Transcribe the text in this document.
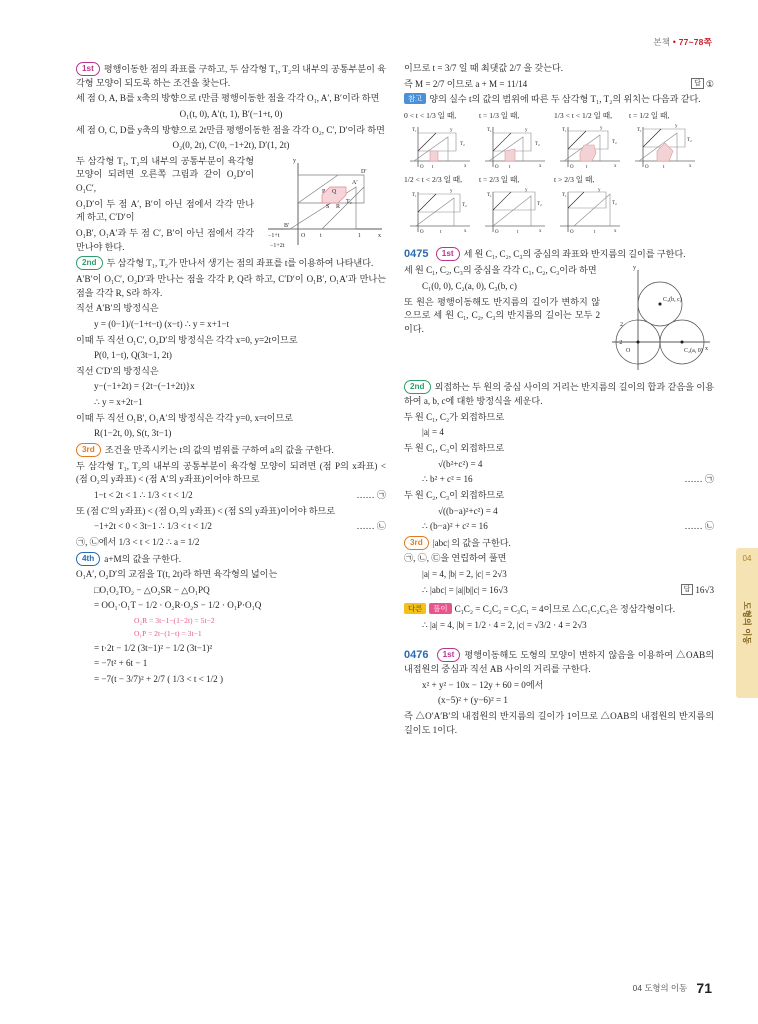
본책 • 77~78쪽

1st 평행이동한 점의 좌표를 구하고, 두 삼각형 T₁, T₂의 내부의 공통부분이 육각형 모양이 되도록 하는 조건을 찾는다.

세 점 O, A, B를 x축의 방향으로 t만큼 평행이동한 점을 각각 O₁, A′, B′이라 하면

O₁(t, 0), A′(t, 1), B′(−1+t, 0)

세 점 O, C, D를 y축의 방향으로 2t만큼 평행이동한 점을 각각 O₂, C′, D′이라 하면

O₂(0, 2t), C′(0, −1+2t), D′(1, 2t)

y
x
A′
D′
Q
P
T₂
S R
B′
−1+t	O t	1
−1+2t

두 삼각형 T₁, T₂의 내부의 공통부분이 육각형 모양이 되려면 오른쪽 그림과 같이 O₂D′이 O₁C′,

O₁D′이 두 점 A′, B′이 아닌 점에서 각각 만나게 하고, C′D′이

O₁B′, O₁A′과 두 점 C′, B′이 아닌 점에서 각각 만나야 한다.

2nd 두 삼각형 T₁, T₂가 만나서 생기는 점의 좌표를 t를 이용하여 나타낸다.

A′B′이 O₁C′, O₂D′과 만나는 점을 각각 P, Q라 하고, C′D′이 O₁B′, O₁A′과 만나는 점을 각각 R, S라 하자.

직선 A′B′의 방정식은

y = (0−1)/(−1+t−t) (x−t) ∴ y = x+1−t

이때 두 직선 O₁C′, O₂D′의 방정식은 각각 x=0, y=2t이므로

P(0, 1−t), Q(3t−1, 2t)

직선 C′D′의 방정식은

y−(−1+2t) = {2t−(−1+2t)}x

∴ y = x+2t−1

이때 두 직선 O₁B′, O₁A′의 방정식은 각각 y=0, x=t이므로

R(1−2t, 0), S(t, 3t−1)

3rd 조건을 만족시키는 t의 값의 범위를 구하여 a의 값을 구한다.

두 삼각형 T₁, T₂의 내부의 공통부분이 육각형 모양이 되려면 (점 P의 x좌표) < (점 O₂의 y좌표) < (점 A′의 y좌표)이어야 하므로

1−t < 2t < 1 ∴ 1/3 < t < 1/2	…… ㉠

또 (점 C′의 y좌표) < (점 O₁의 y좌표) < (점 S의 y좌표)이어야 하므로

−1+2t < 0 < 3t−1 ∴ 1/3 < t < 1/2	…… ㉡

㉠, ㉡에서 1/3 < t < 1/2 ∴ a = 1/2

4th a+M의 값을 구한다.

O₁A′, O₂D′의 교점을 T(t, 2t)라 하면 육각형의 넓이는

□O₁O₂TO₂ − △O₂SR − △O₁PQ

= OO₁·O₁T − 1/2 · O₂R·O₂S − 1/2 · O₁P·O₁Q

O₂R = 3t−1−(1−2t) = 5t−2

O₁P = 2t−(1−t) = 3t−1

= t·2t − 1/2 (3t−1)² − 1/2 (3t−1)²

= −7t² + 6t − 1

= −7(t − 3/7)² + 2/7 ( 1/3 < t < 1/2 )

이므로 t = 3/7 일 때 최댓값 2/7 을 갖는다.

즉 M = 2/7 이므로 a + M = 11/14	답 ①

참고 양의 실수 t의 값의 범위에 따른 두 삼각형 T₁, T₂의 위치는 다음과 같다.

0 < t < 1/3 일 때,
T₁	y
x
T₂
O t
t = 1/3 일 때,
T₁	y
x
T₂
O t
1/3 < t < 1/2 일 때,
T₁	y
x
T₂
O t
t = 1/2 일 때,
T₁
y
x
T₂
O	t
1/2 < t < 2/3 일 때,
T₁
y
x
T₂
O	t
t = 2/3 일 때,
T₁
y
x
T₂
O	t
t > 2/3 일 때,
T₁
y
x
T₂
O	t

0475 1st 세 원 C₁, C₂, C₃의 중심의 좌표와 반지름의 길이를 구한다.

y
x
C₃(b, c)
C₂(a, 0)
O
2
−2

세 원 C₁, C₂, C₃의 중심을 각각 C₁, C₂, C₃이라 하면

C₁(0, 0), C₂(a, 0), C₃(b, c)

또 원은 평행이동해도 반지름의 길이가 변하지 않으므로 세 원 C₁, C₂, C₃의 반지름의 길이는 모두 2이다.

2nd 외접하는 두 원의 중심 사이의 거리는 반지름의 길이의 합과 같음을 이용하여 a, b, c에 대한 방정식을 세운다.

두 원 C₁, C₂가 외접하므로

|a| = 4

두 원 C₁, C₃이 외접하므로

√(b²+c²) = 4

∴ b² + c² = 16	…… ㉠

두 원 C₂, C₃이 외접하므로

√((b−a)²+c²) = 4

∴ (b−a)² + c² = 16	…… ㉡

3rd |abc| 의 값을 구한다.

㉠, ㉡, ㉢을 연립하여 풀면

|a| = 4, |b| = 2, |c| = 2√3

∴ |abc| = |a||b||c| = 16√3	답 16√3

다른 풀이 C₁C₂ = C₂C₃ = C₃C₁ = 4이므로 △C₁C₂C₃은 정삼각형이다.

∴ |a| = 4, |b| = 1/2 · 4 = 2, |c| = √3/2 · 4 = 2√3

0476 1st 평행이동해도 도형의 모양이 변하지 않음을 이용하여 △OAB의 내접원의 중심과 직선 AB 사이의 거리를 구한다.

x² + y² − 10x − 12y + 60 = 0에서

(x−5)² + (y−6)² = 1

즉 △O′A′B′의 내접원의 반지름의 길이가 1이므로 △OAB의 내접원의 반지름의 길이도 1이다.

04
도형의 이동
04 도형의 이동 71
